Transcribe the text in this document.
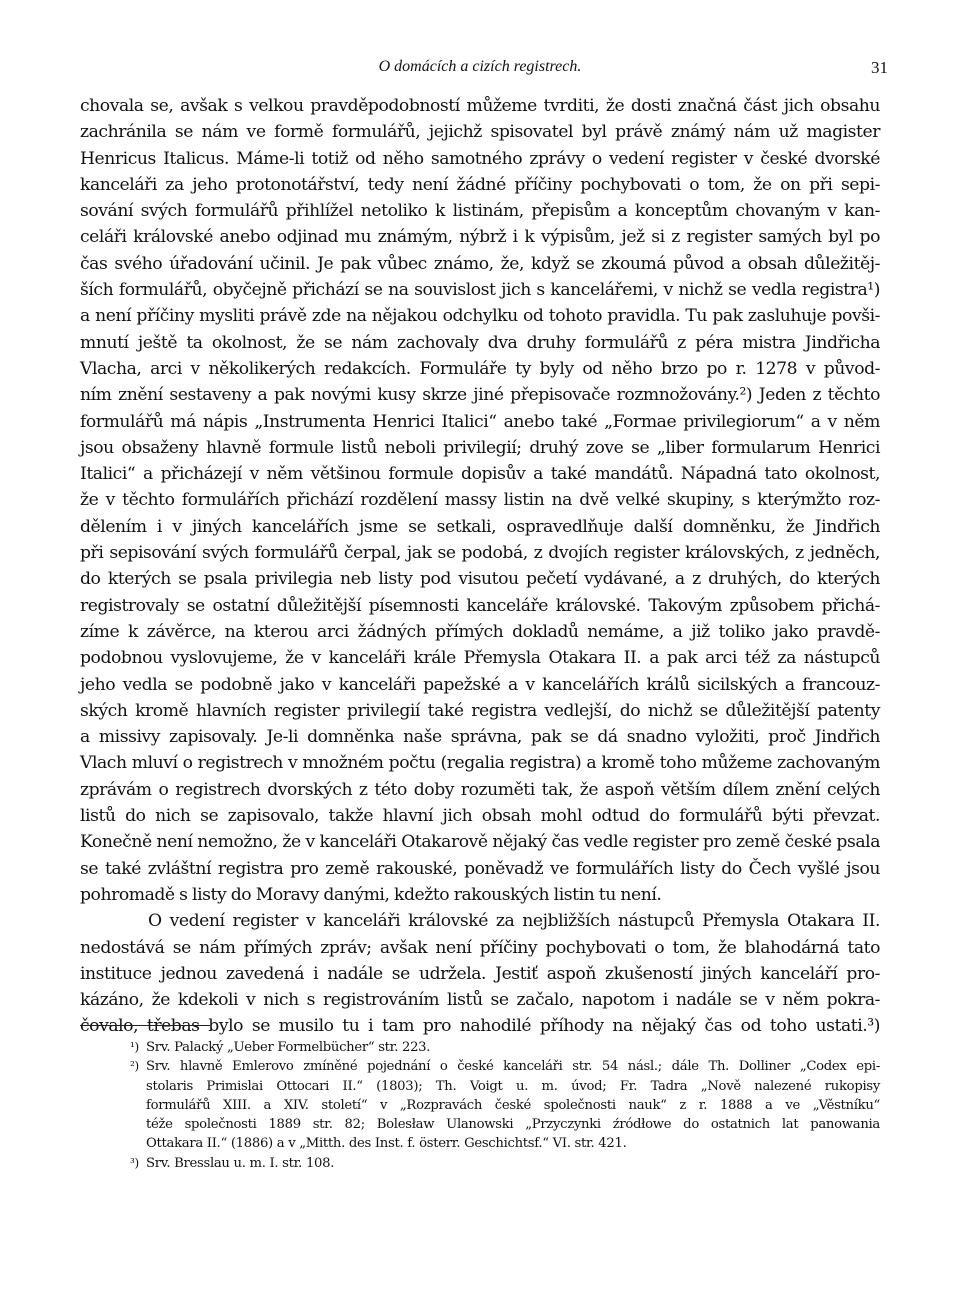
O domácích a cizích registrech.	31
chovala se, avšak s velkou pravděpodobností můžeme tvrditi, že dosti značná část jich obsahu
zachránila se nám ve formě formulářů, jejichž spisovatel byl právě známý nám už magister
Henricus Italicus. Máme-li totiž od něho samotného zprávy o vedení register v české dvorské
kanceláři za jeho protonotářství, tedy není žádné příčiny pochybovati o tom, že on při sepi-
sování svých formulářů přihlížel netoliko k listinám, přepisům a konceptům chovaným v kan-
celáři královské anebo odjinad mu známým, nýbrž i k výpisům, jež si z register samých byl po
čas svého úřadování učinil. Je pak vůbec známo, že, když se zkoumá původ a obsah důležitěj-
ších formulářů, obyčejně přichází se na souvislost jich s kancelářemi, v nichž se vedla registra¹)
a není příčiny mysliti právě zde na nějakou odchylku od tohoto pravidla. Tu pak zasluhuje povši-
mnutí ještě ta okolnost, že se nám zachovaly dva druhy formulářů z péra mistra Jindřicha
Vlacha, arci v několikerých redakcích. Formuláře ty byly od něho brzo po r. 1278 v původ-
ním znění sestaveny a pak novými kusy skrze jiné přepisovače rozmnožovány.²) Jeden z těchto
formulářů má nápis „Instrumenta Henrici Italici“ anebo také „Formae privilegiorum“ a v něm
jsou obsaženy hlavně formule listů neboli privilegií; druhý zove se „liber formularum Henrici
Italici“ a přicházejí v něm většinou formule dopisův a také mandátů. Nápadná tato okolnost,
že v těchto formulářích přichází rozdělení massy listin na dvě velké skupiny, s kterýmžto roz-
dělením i v jiných kancelářích jsme se setkali, ospravedlňuje další domněnku, že Jindřich
při sepisování svých formulářů čerpal, jak se podobá, z dvojích register královských, z jedněch,
do kterých se psala privilegia neb listy pod visutou pečetí vydávané, a z druhých, do kterých
registrovaly se ostatní důležitější písemnosti kanceláře královské. Takovým způsobem přichá-
zíme k závěrce, na kterou arci žádných přímých dokladů nemáme, a již toliko jako pravdě-
podobnou vyslovujeme, že v kanceláři krále Přemysla Otakara II. a pak arci též za nástupců
jeho vedla se podobně jako v kanceláři papežské a v kancelářích králů sicilských a francouz-
ských kromě hlavních register privilegií také registra vedlejší, do nichž se důležitější patenty
a missivy zapisovaly. Je-li domněnka naše správna, pak se dá snadno vyložiti, proč Jindřich
Vlach mluví o registrech v množném počtu (regalia registra) a kromě toho můžeme zachovaným
zprávám o registrech dvorských z této doby rozuměti tak, že aspoň větším dílem znění celých
listů do nich se zapisovalo, takže hlavní jich obsah mohl odtud do formulářů býti převzat.
Konečně není nemožno, že v kanceláři Otakarově nějaký čas vedle register pro země české psala
se také zvláštní registra pro země rakouské, poněvadž ve formulářích listy do Čech vyšlé jsou
pohromadě s listy do Moravy danými, kdežto rakouských listin tu není.
O vedení register v kanceláři královské za nejbližších nástupců Přemysla Otakara II.
nedostává se nám přímých zpráv; avšak není příčiny pochybovati o tom, že blahodárná tato
instituce jednou zavedená i nadále se udržela. Jestiť aspoň zkušeností jiných kanceláří pro-
kázáno, že kdekoli v nich s registrováním listů se začalo, napotom i nadále se v něm pokra-
čovalo, třebas bylo se musilo tu i tam pro nahodilé příhody na nějaký čas od toho ustati.³)
¹) Srv. Palacký „Ueber Formelbücher“ str. 223.
²) Srv. hlavně Emlerovo zmíněné pojednání o české kanceláři str. 54 násl.; dále Th. Dolliner „Codex epi-
stolaris Primislai Ottocari II.“ (1803); Th. Voigt u. m. úvod; Fr. Tadra „Nově nalezené rukopisy
formulářů XIII. a XIV. století“ v „Rozpravách české společnosti nauk“ z r. 1888 a ve „Věstníku“
téže společnosti 1889 str. 82; Bolesław Ulanowski „Przyczynki źródłowe do ostatnich lat panowania
Ottakara II.“ (1886) a v „Mitth. des Inst. f. österr. Geschichtsf.“ VI. str. 421.
³) Srv. Bresslau u. m. I. str. 108.
